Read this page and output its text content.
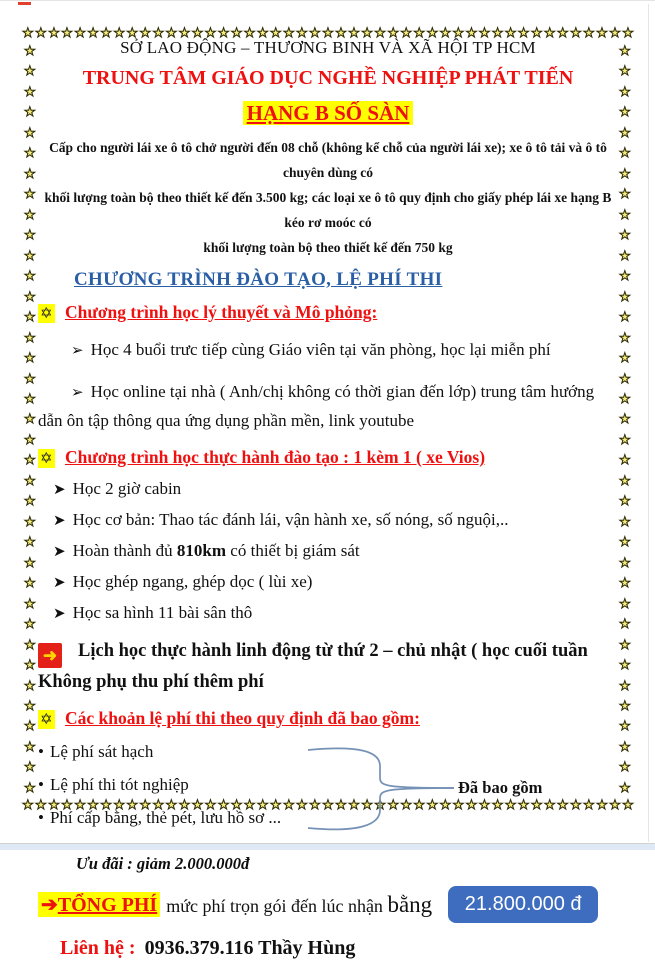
★ ★ ★ ★ ★ ★ ★ ★ ★ ★ ★ ★ ★ ★ ★ ★ ★ ★ ★ ★ ★ ★ ★ ★ ★ ★ ★ ★ ★ ★ ★ ★ ★ ★ ★ ★ ★ ★ ★ ★ ★ ★ ★ ★ ★ ★ ★
★
★
★
★
★
★
★
★
★
★
★
★
★
★
★
★
★
★
★
★
★
★
★
★
★
★
★
★
★
★
★
★
★
★
★
★
★
★
★
★
★
★
★
★
★
★
★
★
★
★
★
★
★
★
★
★
★
★
★
★
★
★
★
★
★
★
★
★
★
★
★
★
★
★
★ ★ ★ ★ ★ ★ ★ ★ ★ ★ ★ ★ ★ ★ ★ ★ ★ ★ ★ ★ ★ ★ ★ ★ ★ ★ ★ ★ ★ ★ ★ ★ ★ ★ ★ ★ ★ ★ ★ ★ ★ ★ ★ ★ ★ ★ ★
SỞ LAO ĐỘNG – THƯƠNG BINH VÀ XÃ HỘI TP HCM
TRUNG TÂM GIÁO DỤC NGHỀ NGHIỆP PHÁT TIẾN
HẠNG B SỐ SÀN
Cấp cho người lái xe ô tô chở người đến 08 chỗ (không kể chỗ của người lái xe); xe ô tô tải và ô tô chuyên dùng có
khối lượng toàn bộ theo thiết kế đến 3.500 kg; các loại xe ô tô quy định cho giấy phép lái xe hạng B kéo rơ moóc có
khối lượng toàn bộ theo thiết kế đến 750 kg
CHƯƠNG TRÌNH ĐÀO TẠO, LỆ PHÍ THI
✡ Chương trình học lý thuyết và Mô phỏng:

➢ Học 4 buổi trưc tiếp cùng Giáo viên tại văn phòng, học lại miễn phí

➢ Học online tại nhà ( Anh/chị không có thời gian đến lớp) trung tâm hướng dẫn ôn tập thông qua ứng dụng phần mền, link youtube

✡ Chương trình học thực hành đào tạo : 1 kèm 1 ( xe Vios)

➤ Học 2 giờ cabin

➤ Học cơ bản: Thao tác đánh lái, vận hành xe, số nóng, số nguội,..

➤ Hoàn thành đủ 810km có thiết bị giám sát

➤ Học ghép ngang, ghép dọc ( lùi xe)

➤ Học sa hình 11 bài sân thô

➜ Lịch học thực hành linh động từ thứ 2 – chủ nhật ( học cuối tuần Không phụ thu phí thêm phí

✡ Các khoản lệ phí thi theo quy định đã bao gồm:

• Lệ phí sát hạch

• Lệ phí thi tót nghiệp

• Phí cấp bằng, thẻ pét, lưu hồ sơ ...

Đã bao gồm

Ưu đãi : giảm 2.000.000đ

➔TỔNG PHÍ mức phí trọn gói đến lúc nhận bằng	21.800.000 đ

Liên hệ : 0936.379.116 Thầy Hùng
